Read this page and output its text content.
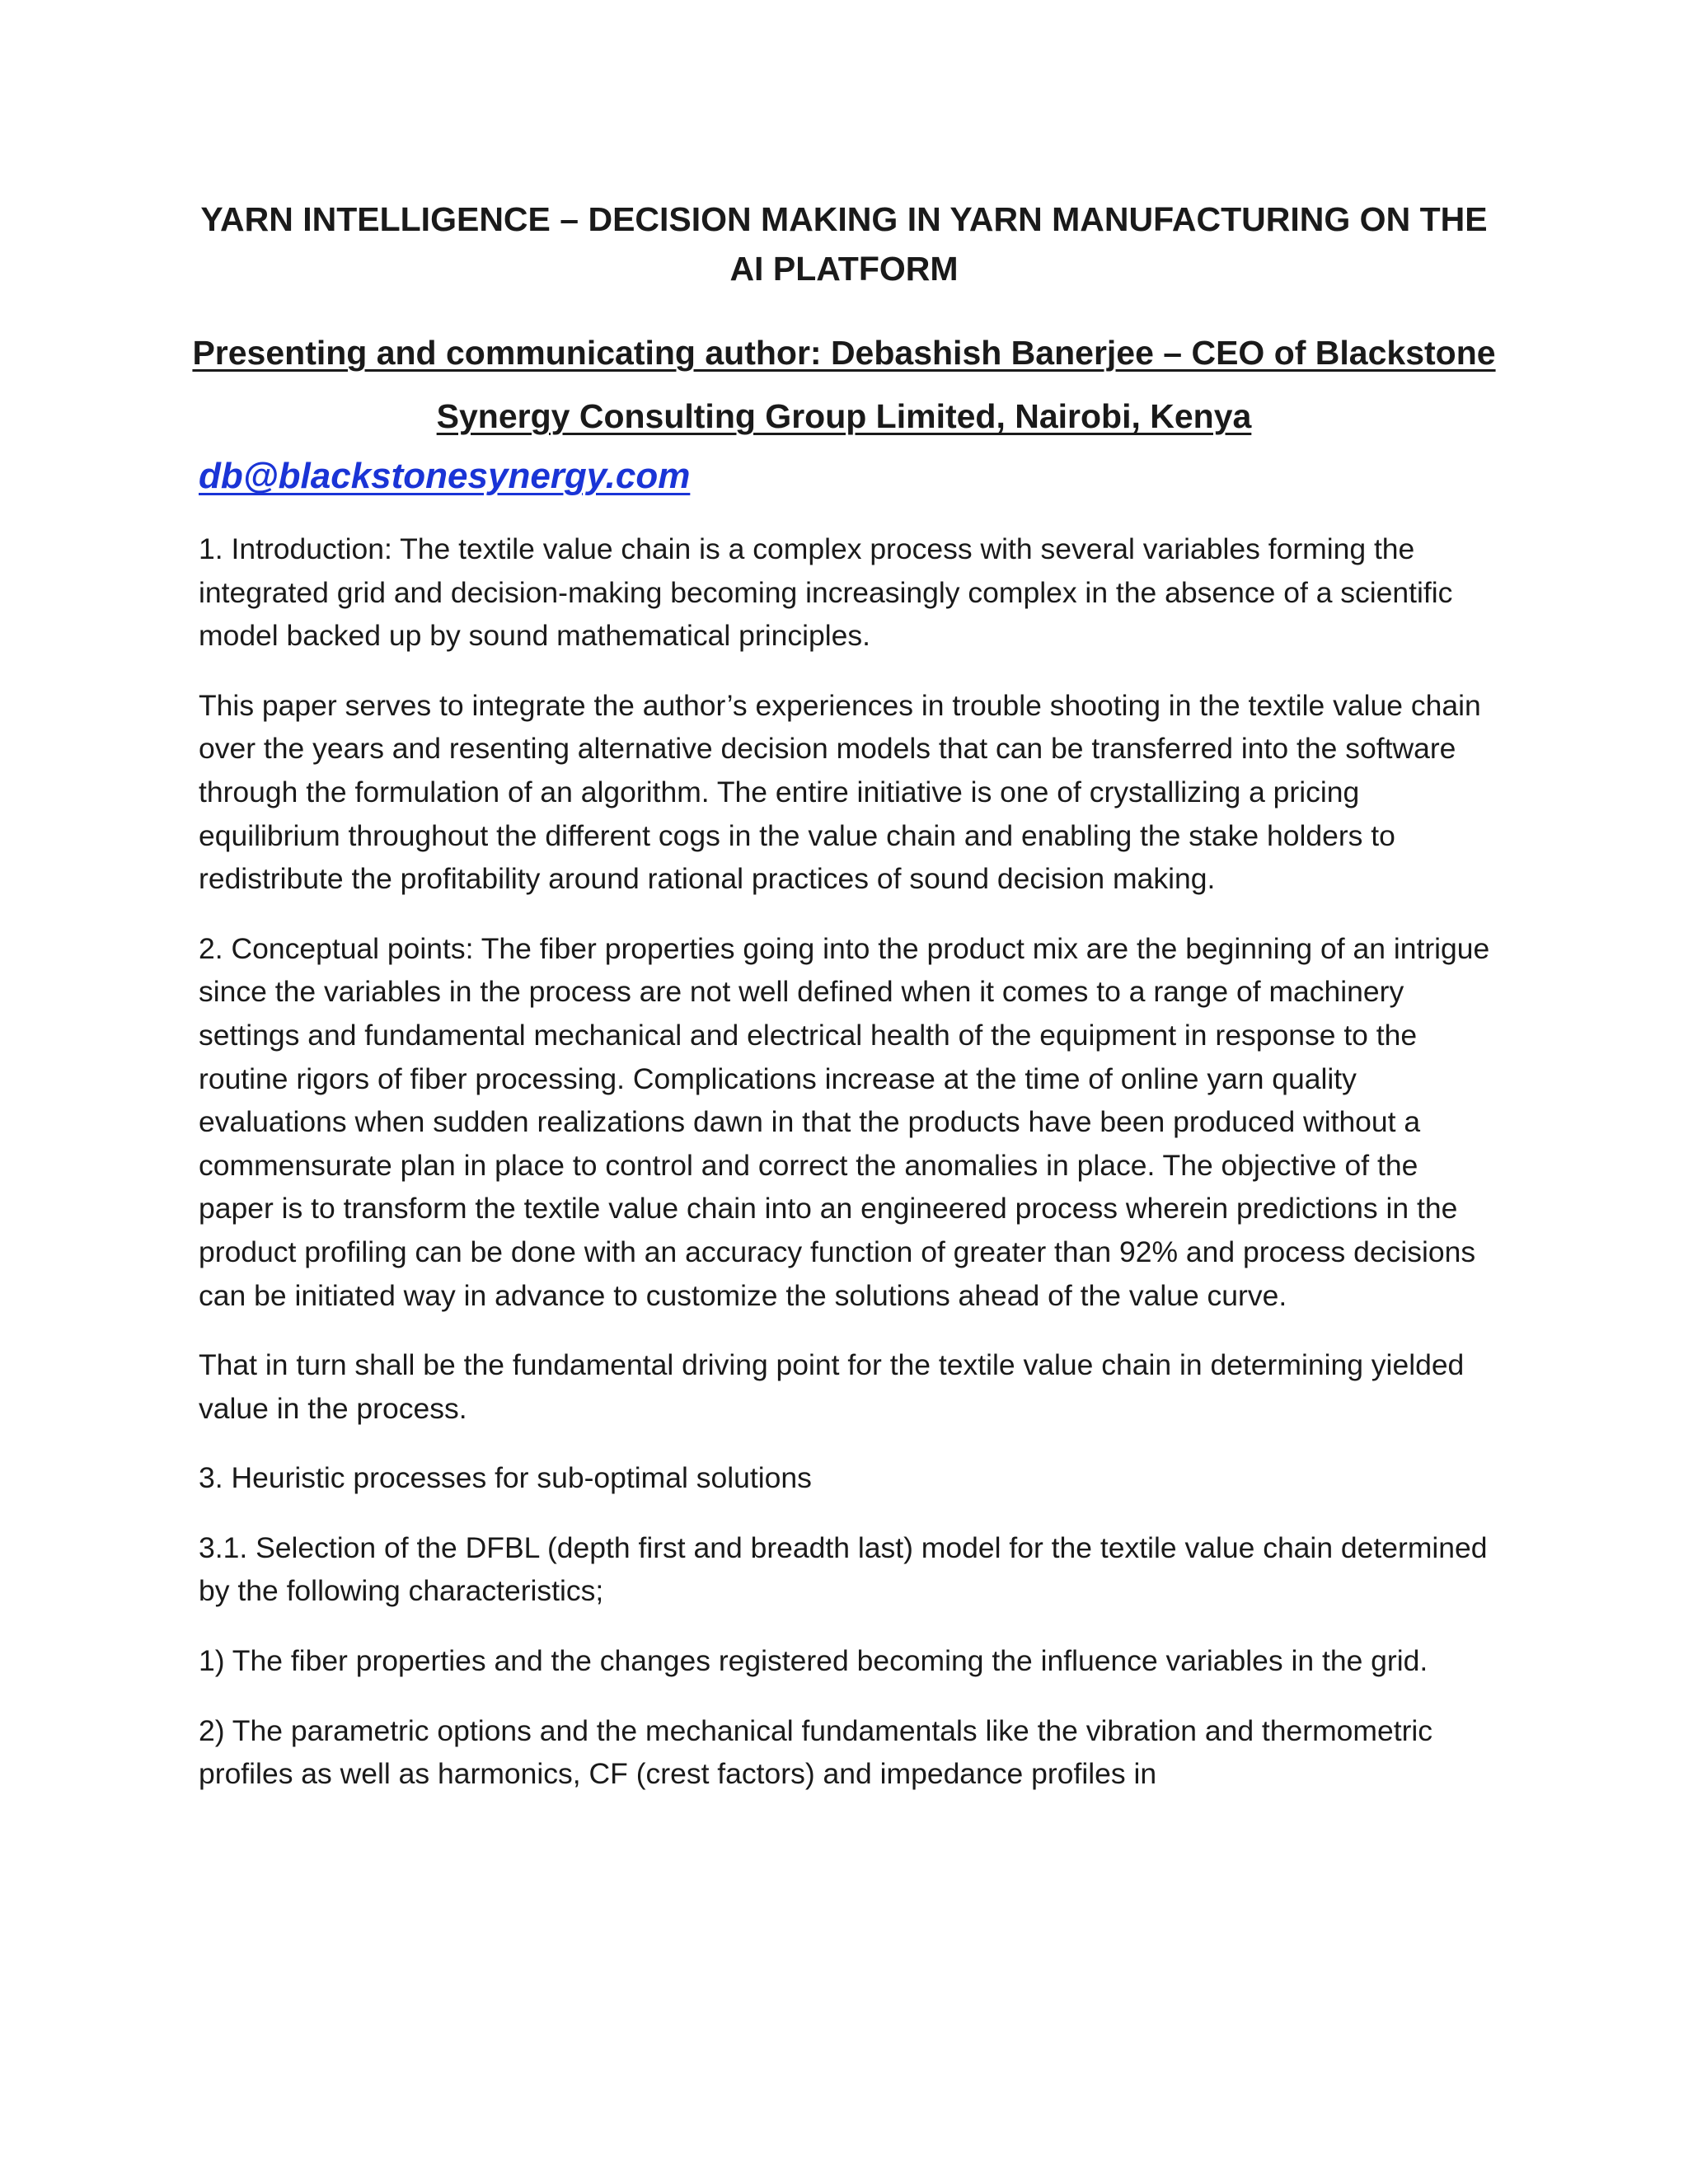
YARN INTELLIGENCE – DECISION MAKING IN YARN MANUFACTURING ON THE AI PLATFORM
Presenting and communicating author: Debashish Banerjee – CEO of Blackstone Synergy Consulting Group Limited, Nairobi, Kenya
db@blackstonesynergy.com

1. Introduction: The textile value chain is a complex process with several variables forming the integrated grid and decision-making becoming increasingly complex in the absence of a scientific model backed up by sound mathematical principles.

This paper serves to integrate the author’s experiences in trouble shooting in the textile value chain over the years and resenting alternative decision models that can be transferred into the software through the formulation of an algorithm. The entire initiative is one of crystallizing a pricing equilibrium throughout the different cogs in the value chain and enabling the stake holders to redistribute the profitability around rational practices of sound decision making.

2. Conceptual points: The fiber properties going into the product mix are the beginning of an intrigue since the variables in the process are not well defined when it comes to a range of machinery settings and fundamental mechanical and electrical health of the equipment in response to the routine rigors of fiber processing. Complications increase at the time of online yarn quality evaluations when sudden realizations dawn in that the products have been produced without a commensurate plan in place to control and correct the anomalies in place. The objective of the paper is to transform the textile value chain into an engineered process wherein predictions in the product profiling can be done with an accuracy function of greater than 92% and process decisions can be initiated way in advance to customize the solutions ahead of the value curve.

That in turn shall be the fundamental driving point for the textile value chain in determining yielded value in the process.

3. Heuristic processes for sub-optimal solutions

3.1. Selection of the DFBL (depth first and breadth last) model for the textile value chain determined by the following characteristics;

1) The fiber properties and the changes registered becoming the influence variables in the grid.

2) The parametric options and the mechanical fundamentals like the vibration and thermometric profiles as well as harmonics, CF (crest factors) and impedance profiles in
